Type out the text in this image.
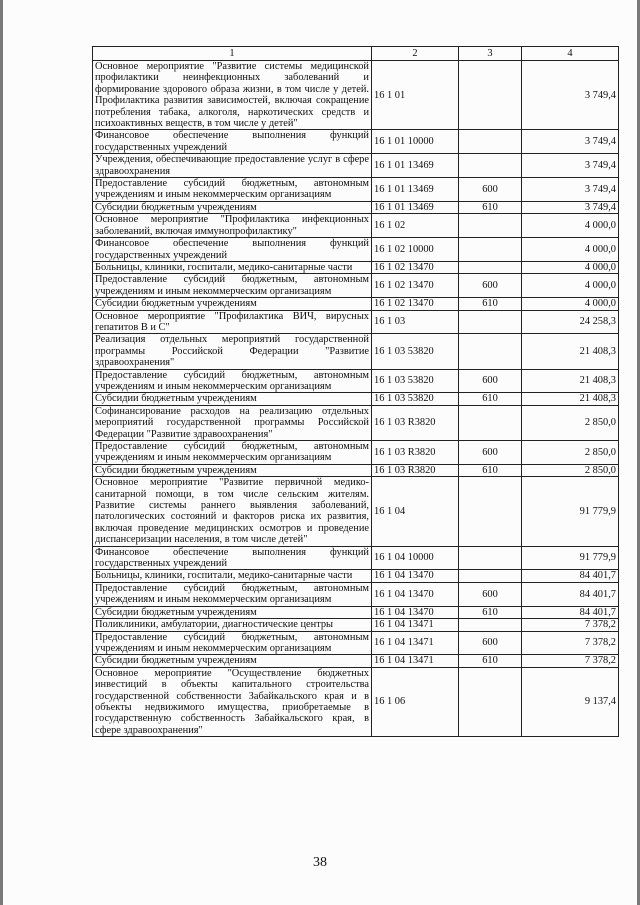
1	2	3	4
Основное мероприятие "Развитие системы медицинской профилактики неинфекционных заболеваний и формирование здорового образа жизни, в том числе у детей. Профилактика развития зависимостей, включая сокращение потребления табака, алкоголя, наркотических средств и психоактивных веществ, в том числе у детей"	16 1 01		3 749,4
Финансовое обеспечение выполнения функций государственных учреждений	16 1 01 10000		3 749,4
Учреждения, обеспечивающие предоставление услуг в сфере здравоохранения	16 1 01 13469		3 749,4
Предоставление субсидий бюджетным, автономным учреждениям и иным некоммерческим организациям	16 1 01 13469	600	3 749,4
Субсидии бюджетным учреждениям	16 1 01 13469	610	3 749,4
Основное мероприятие "Профилактика инфекционных заболеваний, включая иммунопрофилактику"	16 1 02		4 000,0
Финансовое обеспечение выполнения функций государственных учреждений	16 1 02 10000		4 000,0
Больницы, клиники, госпитали, медико-санитарные части	16 1 02 13470		4 000,0
Предоставление субсидий бюджетным, автономным учреждениям и иным некоммерческим организациям	16 1 02 13470	600	4 000,0
Субсидии бюджетным учреждениям	16 1 02 13470	610	4 000,0
Основное мероприятие "Профилактика ВИЧ, вирусных гепатитов В и С"	16 1 03		24 258,3
Реализация отдельных мероприятий государственной программы Российской Федерации "Развитие здравоохранения"	16 1 03 53820		21 408,3
Предоставление субсидий бюджетным, автономным учреждениям и иным некоммерческим организациям	16 1 03 53820	600	21 408,3
Субсидии бюджетным учреждениям	16 1 03 53820	610	21 408,3
Софинансирование расходов на реализацию отдельных мероприятий государственной программы Российской Федерации "Развитие здравоохранения"	16 1 03 R3820		2 850,0
Предоставление субсидий бюджетным, автономным учреждениям и иным некоммерческим организациям	16 1 03 R3820	600	2 850,0
Субсидии бюджетным учреждениям	16 1 03 R3820	610	2 850,0
Основное мероприятие "Развитие первичной медико-санитарной помощи, в том числе сельским жителям. Развитие системы раннего выявления заболеваний, патологических состояний и факторов риска их развития, включая проведение медицинских осмотров и проведение диспансеризации населения, в том числе детей"	16 1 04		91 779,9
Финансовое обеспечение выполнения функций государственных учреждений	16 1 04 10000		91 779,9
Больницы, клиники, госпитали, медико-санитарные части	16 1 04 13470		84 401,7
Предоставление субсидий бюджетным, автономным учреждениям и иным некоммерческим организациям	16 1 04 13470	600	84 401,7
Субсидии бюджетным учреждениям	16 1 04 13470	610	84 401,7
Поликлиники, амбулатории, диагностические центры	16 1 04 13471		7 378,2
Предоставление субсидий бюджетным, автономным учреждениям и иным некоммерческим организациям	16 1 04 13471	600	7 378,2
Субсидии бюджетным учреждениям	16 1 04 13471	610	7 378,2
Основное мероприятие "Осуществление бюджетных инвестиций в объекты капитального строительства государственной собственности Забайкальского края и в объекты недвижимого имущества, приобретаемые в государственную собственность Забайкальского края, в сфере здравоохранения"	16 1 06		9 137,4
38
